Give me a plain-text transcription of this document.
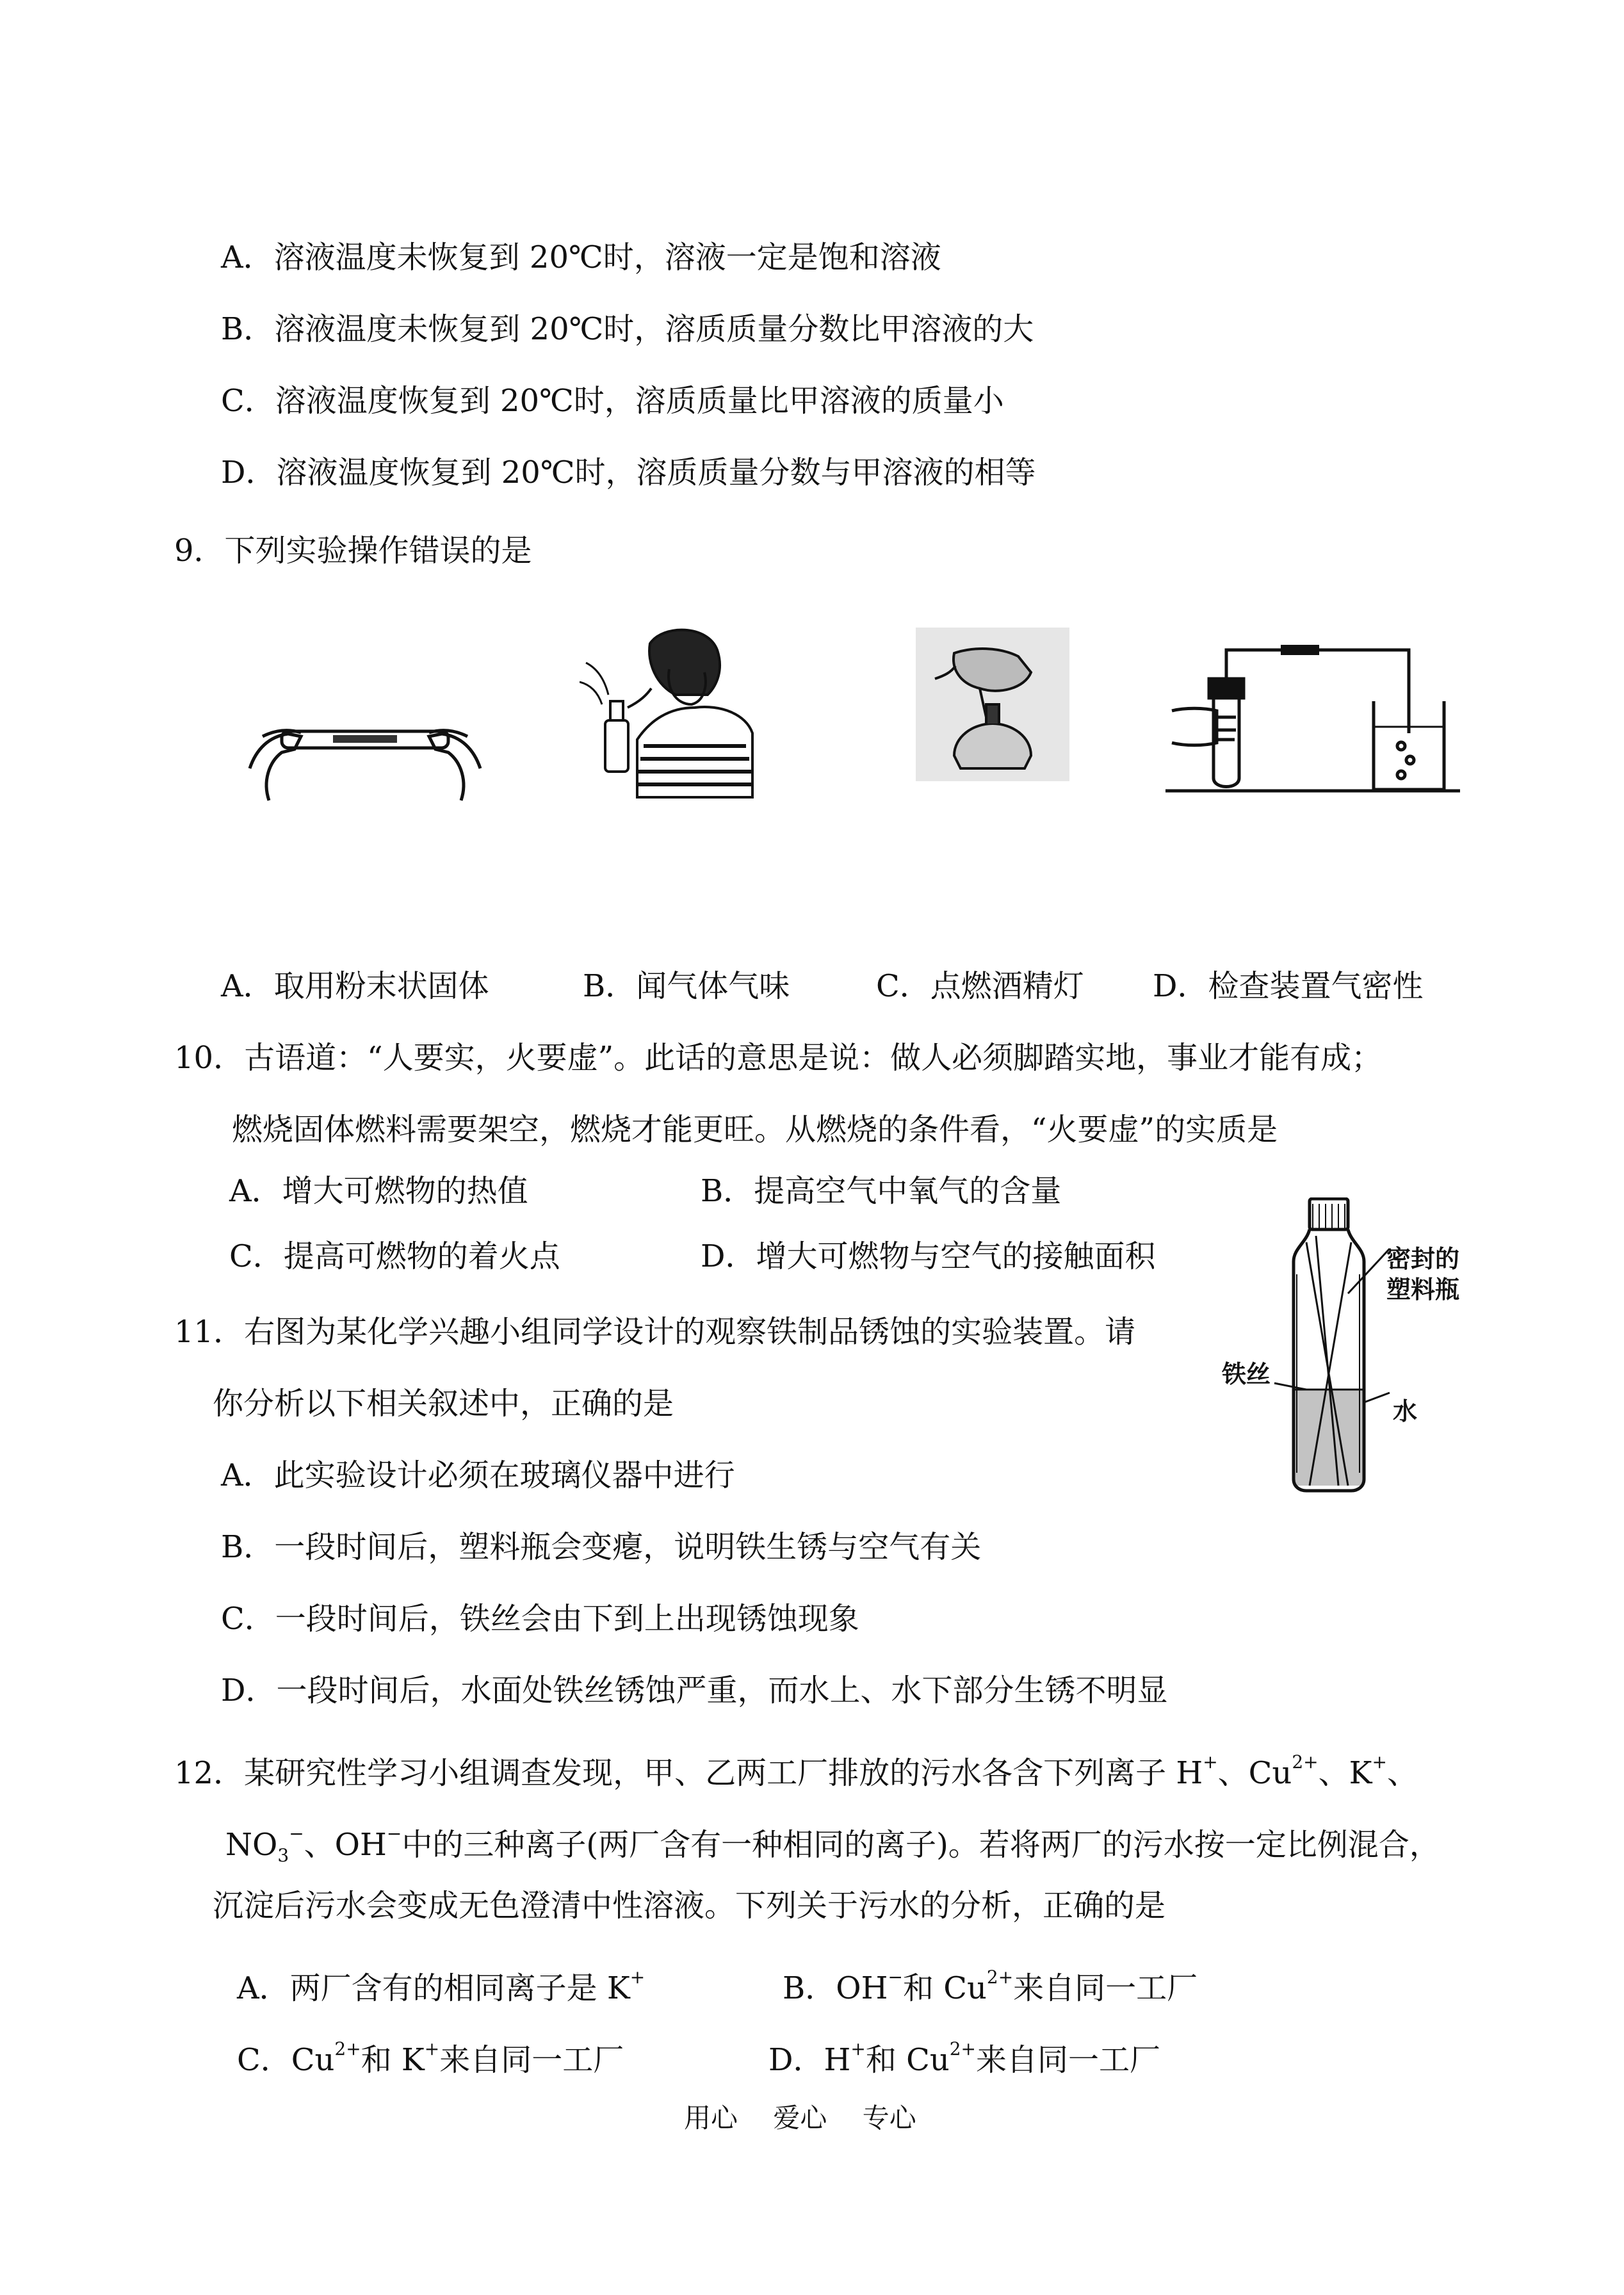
A．溶液温度未恢复到 20℃时，溶液一定是饱和溶液
B．溶液温度未恢复到 20℃时，溶质质量分数比甲溶液的大
C．溶液温度恢复到 20℃时，溶质质量比甲溶液的质量小
D．溶液温度恢复到 20℃时，溶质质量分数与甲溶液的相等
9．下列实验操作错误的是
A．取用粉末状固体	B．闻气体气味	C．点燃酒精灯 D．检查装置气密性
10．古语道：“人要实，火要虚”。此话的意思是说：做人必须脚踏实地，事业才能有成；
燃烧固体燃料需要架空，燃烧才能更旺。从燃烧的条件看，“火要虚”的实质是
A．增大可燃物的热值	B．提高空气中氧气的含量
C．提高可燃物的着火点	D．增大可燃物与空气的接触面积	密封的
塑料瓶
铁丝
水
11．右图为某化学兴趣小组同学设计的观察铁制品锈蚀的实验装置。请
你分析以下相关叙述中，正确的是
A．此实验设计必须在玻璃仪器中进行
B．一段时间后，塑料瓶会变瘪，说明铁生锈与空气有关
C．一段时间后，铁丝会由下到上出现锈蚀现象
D．一段时间后，水面处铁丝锈蚀严重，而水上、水下部分生锈不明显
12．某研究性学习小组调查发现，甲、乙两工厂排放的污水各含下列离子 H+、$Cu^{2+}$、K+、
$NO_3^-$、OH−中的三种离子(两厂含有一种相同的离子)。若将两厂的污水按一定比例混合，
沉淀后污水会变成无色澄清中性溶液。下列关于污水的分析，正确的是
A．两厂含有的相同离子是 K+	B．OH−和 $Cu^{2+}$来自同一工厂
C．$Cu^{2+}$和 K+来自同一工厂	D．H+和 $Cu^{2+}$来自同一工厂
用心　 爱心　 专心
